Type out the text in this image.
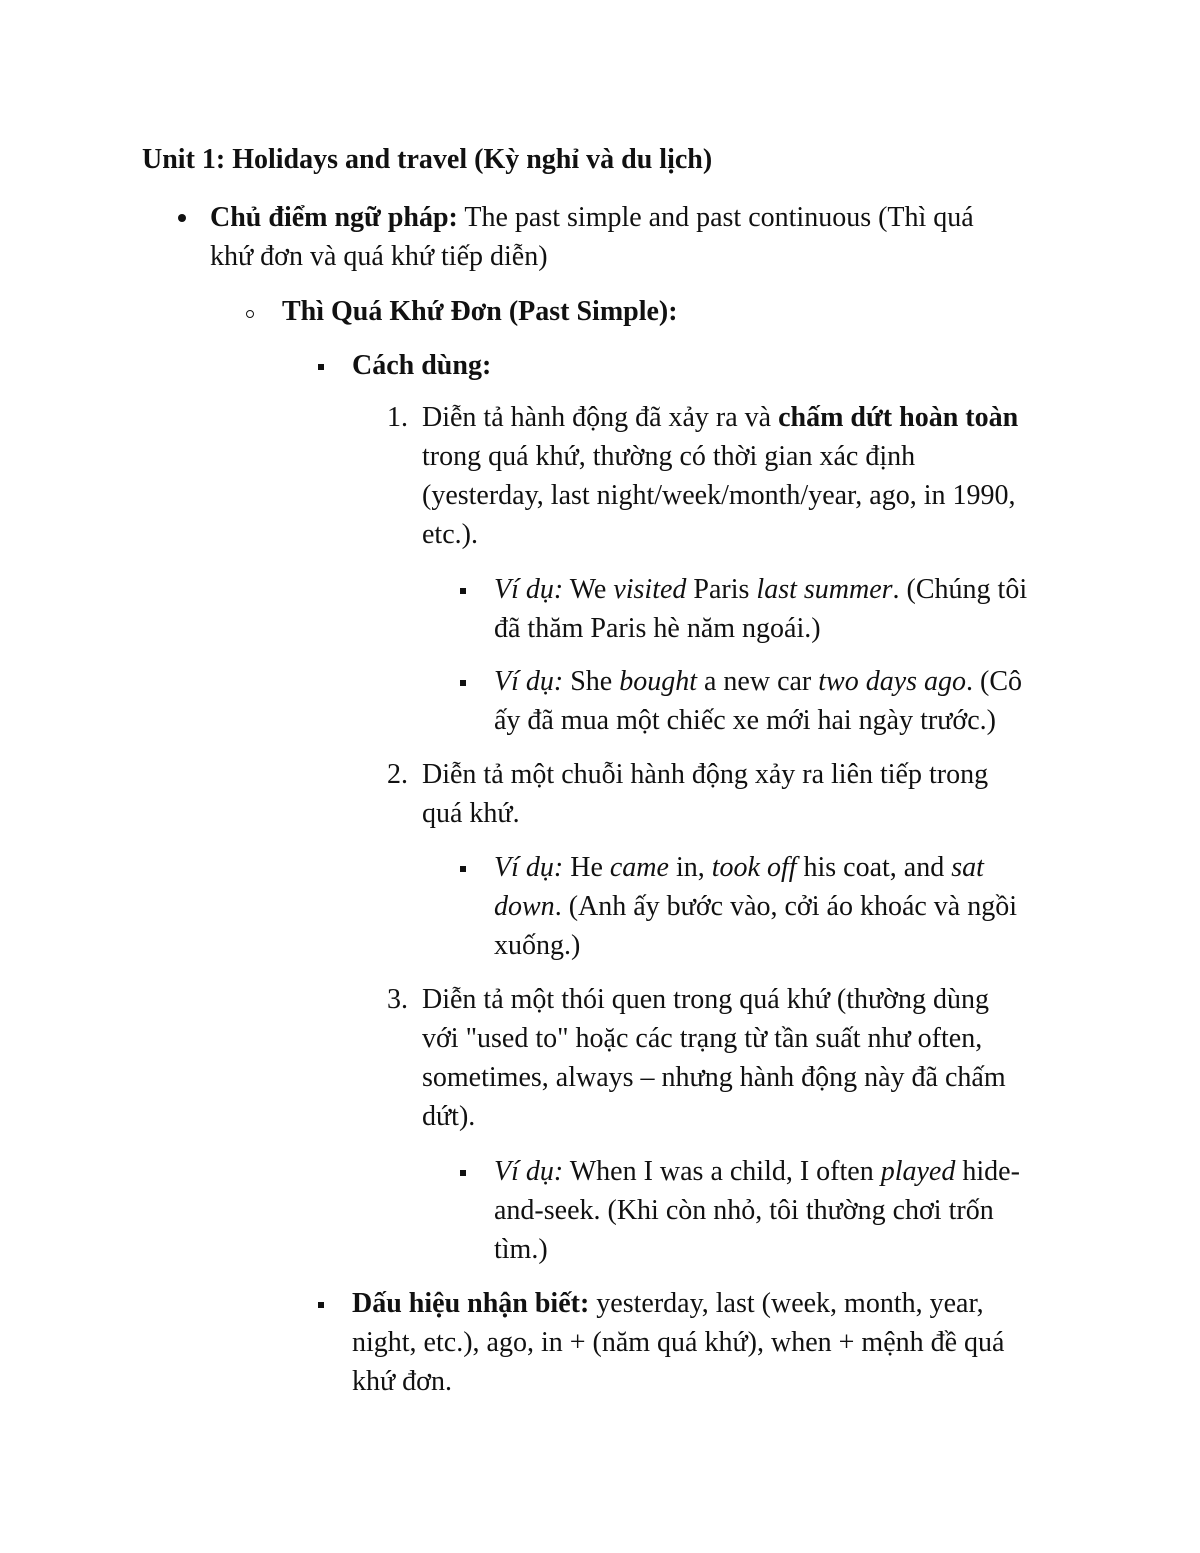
Unit 1: Holidays and travel (Kỳ nghỉ và du lịch)
Chủ điểm ngữ pháp: The past simple and past continuous (Thì quá
khứ đơn và quá khứ tiếp diễn)
Thì Quá Khứ Đơn (Past Simple):
Cách dùng:
1. Diễn tả hành động đã xảy ra và chấm dứt hoàn toàn
trong quá khứ, thường có thời gian xác định
(yesterday, last night/week/month/year, ago, in 1990,
etc.).
Ví dụ: We visited Paris last summer. (Chúng tôi
đã thăm Paris hè năm ngoái.)
Ví dụ: She bought a new car two days ago. (Cô
ấy đã mua một chiếc xe mới hai ngày trước.)
2. Diễn tả một chuỗi hành động xảy ra liên tiếp trong
quá khứ.
Ví dụ: He came in, took off his coat, and sat
down. (Anh ấy bước vào, cởi áo khoác và ngồi
xuống.)
3. Diễn tả một thói quen trong quá khứ (thường dùng
với "used to" hoặc các trạng từ tần suất như often,
sometimes, always – nhưng hành động này đã chấm
dứt).
Ví dụ: When I was a child, I often played hide-
and-seek. (Khi còn nhỏ, tôi thường chơi trốn
tìm.)
Dấu hiệu nhận biết: yesterday, last (week, month, year,
night, etc.), ago, in + (năm quá khứ), when + mệnh đề quá
khứ đơn.
